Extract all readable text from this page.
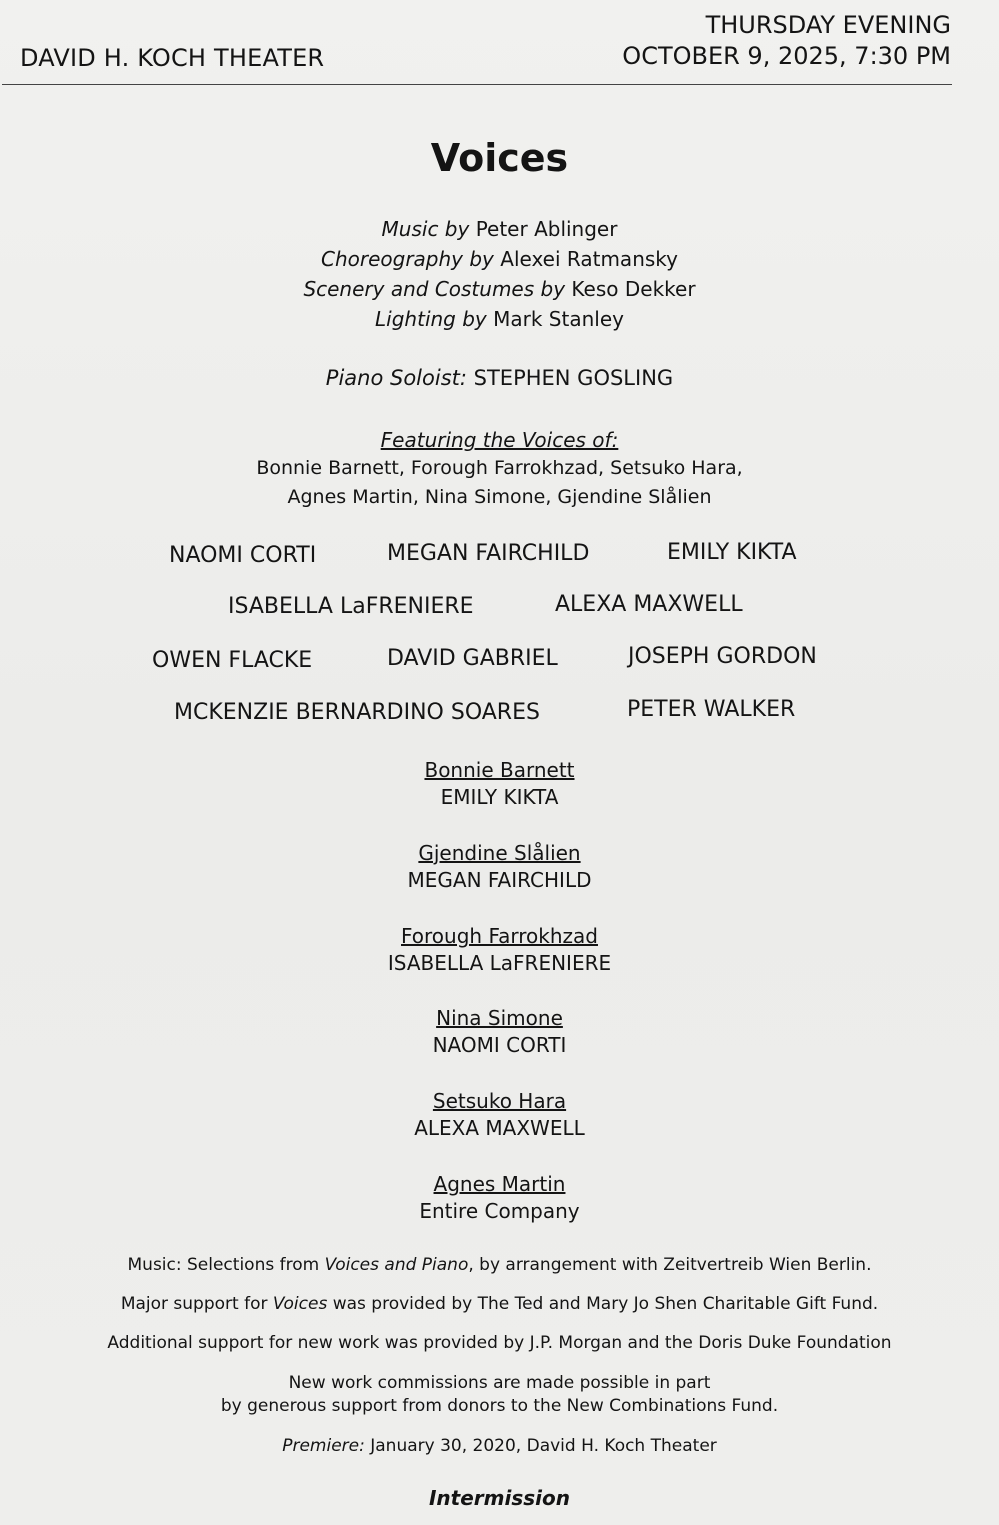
DAVID H. KOCH THEATER
THURSDAY EVENING
OCTOBER 9, 2025, 7:30 PM
Voices
Music by Peter Ablinger
Choreography by Alexei Ratmansky
Scenery and Costumes by Keso Dekker
Lighting by Mark Stanley
Piano Soloist: STEPHEN GOSLING
Featuring the Voices of:
Bonnie Barnett, Forough Farrokhzad, Setsuko Hara,
Agnes Martin, Nina Simone, Gjendine Slålien
NAOMI CORTI	MEGAN FAIRCHILD	EMILY KIKTA
ISABELLA LaFRENIERE	ALEXA MAXWELL
OWEN FLACKE	DAVID GABRIEL	JOSEPH GORDON
MCKENZIE BERNARDINO SOARES	PETER WALKER
Bonnie Barnett
EMILY KIKTA
Gjendine Slålien
MEGAN FAIRCHILD
Forough Farrokhzad
ISABELLA LaFRENIERE
Nina Simone
NAOMI CORTI
Setsuko Hara
ALEXA MAXWELL
Agnes Martin
Entire Company
Music: Selections from Voices and Piano, by arrangement with Zeitvertreib Wien Berlin.
Major support for Voices was provided by The Ted and Mary Jo Shen Charitable Gift Fund.
Additional support for new work was provided by J.P. Morgan and the Doris Duke Foundation
New work commissions are made possible in part
by generous support from donors to the New Combinations Fund.
Premiere: January 30, 2020, David H. Koch Theater
Intermission
